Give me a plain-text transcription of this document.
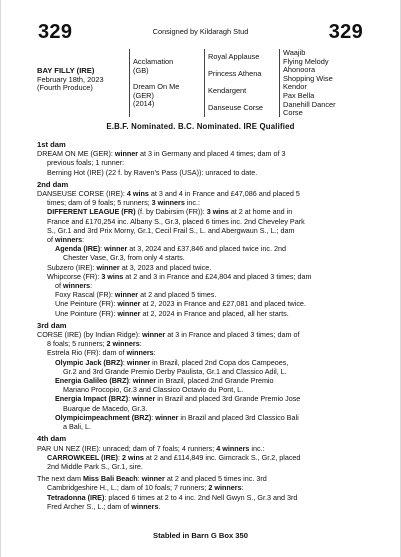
329	Consigned by Kildaragh Stud	329
BAY FILLY (IRE)
February 18th, 2023
(Fourth Produce)
Acclamation
(GB)
Dream On Me
(GER)
(2014)
Royal Applause
Princess Athena
Kendargent
Danseuse Corse
Waajib
Flying Melody
Ahonoora
Shopping Wise
Kendor
Pax Bella
Danehill Dancer
Corse
E.B.F. Nominated. B.C. Nominated. IRE Qualified
1st dam

DREAM ON ME (GER): winner at 3 in Germany and placed 4 times; dam of 3

previous foals; 1 runner:

Berning Hot (IRE) (22 f. by Raven's Pass (USA)): unraced to date.

2nd dam

DANSEUSE CORSE (IRE): 4 wins at 3 and 4 in France and £47,086 and placed 5

times; dam of 9 foals; 5 runners; 3 winners inc.:

DIFFERENT LEAGUE (FR) (f. by Dabirsim (FR)): 3 wins at 2 at home and in

France and £170,254 inc. Albany S., Gr.3, placed 6 times inc. 2nd Cheveley Park

S., Gr.1 and 3rd Prix Morny, Gr.1, Cecil Frail S., L. and Abergwaun S., L.; dam

of winners:

Agenda (IRE): winner at 3, 2024 and £37,846 and placed twice inc. 2nd

Chester Vase, Gr.3, from only 4 starts.

Subzero (IRE): winner at 3, 2023 and placed twice.

Whipcorse (FR): 3 wins at 2 and 3 in France and £24,804 and placed 3 times; dam

of winners:

Foxy Rascal (FR): winner at 2 and placed 5 times.

Une Peinture (FR): winner at 2, 2023 in France and £27,081 and placed twice.

Une Pointure (FR): winner at 2, 2024 in France and placed, all her starts.

3rd dam

CORSE (IRE) (by Indian Ridge): winner at 3 in France and placed 3 times; dam of

8 foals; 5 runners; 2 winners:

Estrela Rio (FR): dam of winners:

Olympic Jack (BRZ): winner in Brazil, placed 2nd Copa dos Campeoes,

Gr.2 and 3rd Grande Premio Derby Paulista, Gr.1 and Classico Adil, L.

Energia Galileo (BRZ): winner in Brazil, placed 2nd Grande Premio

Mariano Procopio, Gr.3 and Classico Octavio du Pont, L.

Energia Impact (BRZ): winner in Brazil and placed 3rd Grande Premio Jose

Buarque de Macedo, Gr.3.

Olympicimpeachment (BRZ): winner in Brazil and placed 3rd Classico Bali

a Bali, L.

4th dam

PAR UN NEZ (IRE): unraced; dam of 7 foals; 4 runners; 4 winners inc.:

CARROWKEEL (IRE): 2 wins at 2 and £114,849 inc. Gimcrack S., Gr.2, placed

2nd Middle Park S., Gr.1, sire.

The next dam Miss Bali Beach: winner at 2 and placed 5 times inc. 3rd

Cambridgeshire H., L.; dam of 10 foals; 7 runners; 2 winners:

Tetradonna (IRE): placed 6 times at 2 to 4 inc. 2nd Nell Gwyn S., Gr.3 and 3rd

Fred Archer S., L.; dam of winners.

Stabled in Barn G Box 350
